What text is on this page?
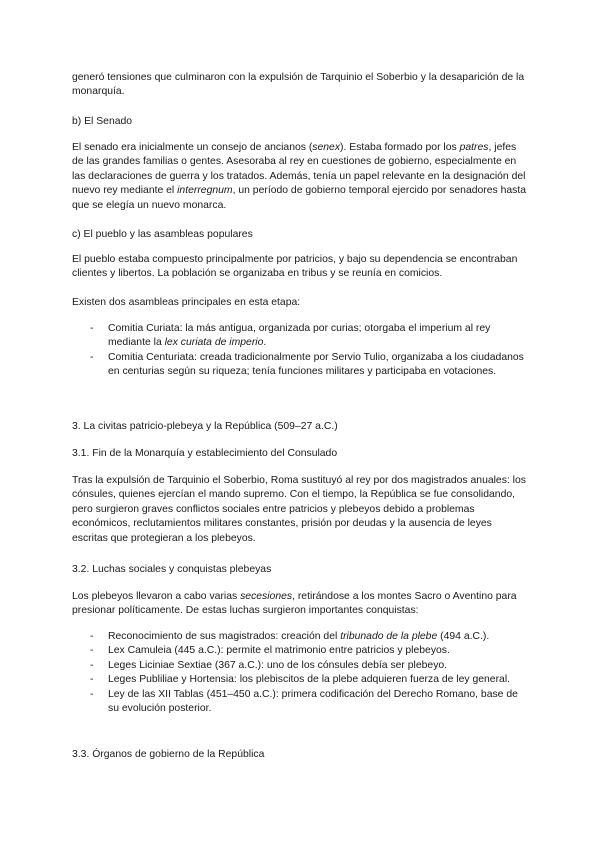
generó tensiones que culminaron con la expulsión de Tarquinio el Soberbio y la desaparición de la monarquía.

b) El Senado

El senado era inicialmente un consejo de ancianos (senex). Estaba formado por los patres, jefes de las grandes familias o gentes. Asesoraba al rey en cuestiones de gobierno, especialmente en las declaraciones de guerra y los tratados. Además, tenía un papel relevante en la designación del nuevo rey mediante el interregnum, un período de gobierno temporal ejercido por senadores hasta que se elegía un nuevo monarca.

c) El pueblo y las asambleas populares

El pueblo estaba compuesto principalmente por patricios, y bajo su dependencia se encontraban clientes y libertos. La población se organizaba en tribus y se reunía en comicios.

Existen dos asambleas principales en esta etapa:

- Comitia Curiata: la más antigua, organizada por curias; otorgaba el imperium al rey mediante la lex curiata de imperio.
- Comitia Centuriata: creada tradicionalmente por Servio Tulio, organizaba a los ciudadanos en centurias según su riqueza; tenía funciones militares y participaba en votaciones.

3. La civitas patricio-plebeya y la República (509–27 a.C.)

3.1. Fin de la Monarquía y establecimiento del Consulado

Tras la expulsión de Tarquinio el Soberbio, Roma sustituyó al rey por dos magistrados anuales: los cónsules, quienes ejercían el mando supremo. Con el tiempo, la República se fue consolidando, pero surgieron graves conflictos sociales entre patricios y plebeyos debido a problemas económicos, reclutamientos militares constantes, prisión por deudas y la ausencia de leyes escritas que protegieran a los plebeyos.

3.2. Luchas sociales y conquistas plebeyas

Los plebeyos llevaron a cabo varias secesiones, retirándose a los montes Sacro o Aventino para presionar políticamente. De estas luchas surgieron importantes conquistas:

- Reconocimiento de sus magistrados: creación del tribunado de la plebe (494 a.C.).
- Lex Camuleia (445 a.C.): permite el matrimonio entre patricios y plebeyos.
- Leges Liciniae Sextiae (367 a.C.): uno de los cónsules debía ser plebeyo.
- Leges Publiliae y Hortensia: los plebiscitos de la plebe adquieren fuerza de ley general.
- Ley de las XII Tablas (451–450 a.C.): primera codificación del Derecho Romano, base de su evolución posterior.

3.3. Órganos de gobierno de la República
